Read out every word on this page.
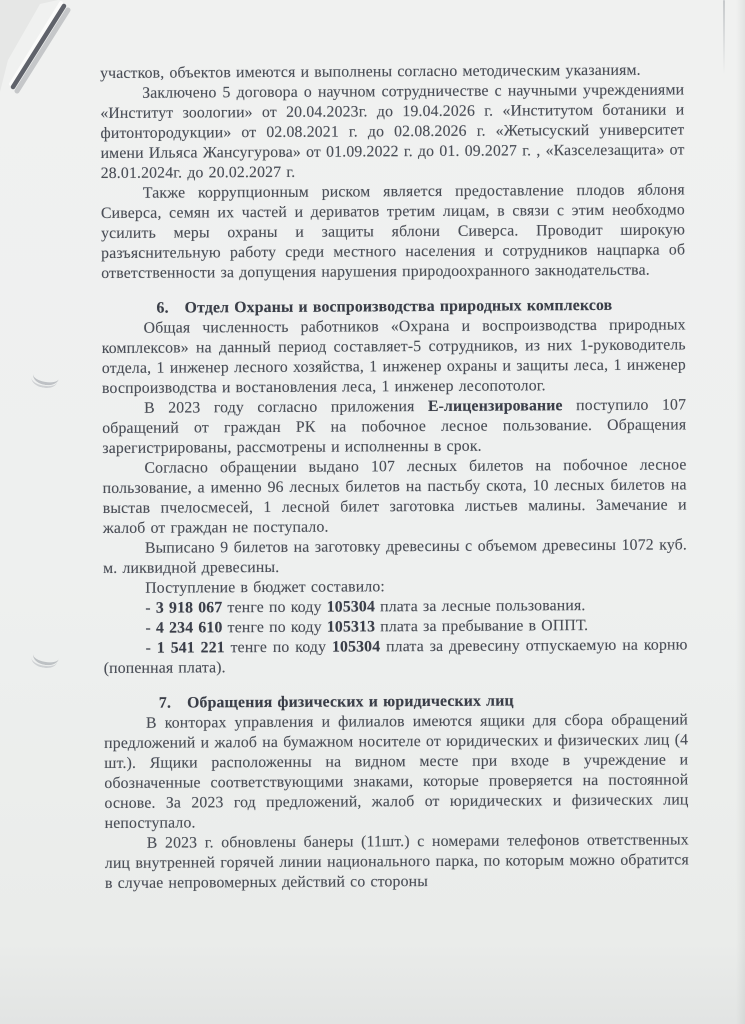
участков, объектов имеются и выполнены согласно методическим указаниям.

Заключено 5 договора о научном сотрудничестве с научными учреждениями «Институт зоологии» от 20.04.2023г. до 19.04.2026 г. «Институтом ботаники и фитонтородукции» от 02.08.2021 г. до 02.08.2026 г. «Жетысуский университет имени Ильяса Жансугурова» от 01.09.2022 г. до 01. 09.2027 г. , «Казселезащита» от 28.01.2024г. до 20.02.2027 г.

Также коррупционным риском является предоставление плодов яблоня Сиверса, семян их частей и дериватов третим лицам, в связи с этим необходмо усилить меры охраны и защиты яблони Сиверса. Проводит широкую разъяснительную работу среди местного населения и сотрудников нацпарка об ответственности за допущения нарушения природоохранного закнодательства.

6. Отдел Охраны и воспроизводства природных комплексов

Общая численность работников «Охрана и воспроизводства природных комплексов» на данный период составляет-5 сотрудников, из них 1-руководитель отдела, 1 инженер лесного хозяйства, 1 инженер охраны и защиты леса, 1 инженер воспроизводства и востановления леса, 1 инженер лесопотолог.

В 2023 году согласно приложения Е-лицензирование поступило 107 обращений от граждан РК на побочное лесное пользование. Обращения зарегистрированы, рассмотрены и исполненны в срок.

Согласно обращении выдано 107 лесных билетов на побочное лесное пользование, а именно 96 лесных билетов на пастьбу скота, 10 лесных билетов на выстав пчелосмесей, 1 лесной билет заготовка листьев малины. Замечание и жалоб от граждан не поступало.

Выписано 9 билетов на заготовку древесины с объемом древесины 1072 куб. м. ликвидной древесины.

Поступление в бюджет составило:

- 3 918 067 тенге по коду 105304 плата за лесные пользования.

- 4 234 610 тенге по коду 105313 плата за пребывание в ОППТ.

- 1 541 221 тенге по коду 105304 плата за древесину отпускаемую на корню (попенная плата).

7. Обращения физических и юридических лиц

В конторах управления и филиалов имеются ящики для сбора обращений предложений и жалоб на бумажном носителе от юридических и физических лиц (4 шт.). Ящики расположенны на видном месте при входе в учреждение и обозначенные соответствующими знаками, которые проверяется на постоянной основе. За 2023 год предложений, жалоб от юридических и физических лиц непоступало.

В 2023 г. обновлены банеры (11шт.) с номерами телефонов ответственных лиц внутренней горячей линии национального парка, по которым можно обратится в случае непровомерных действий со стороны
